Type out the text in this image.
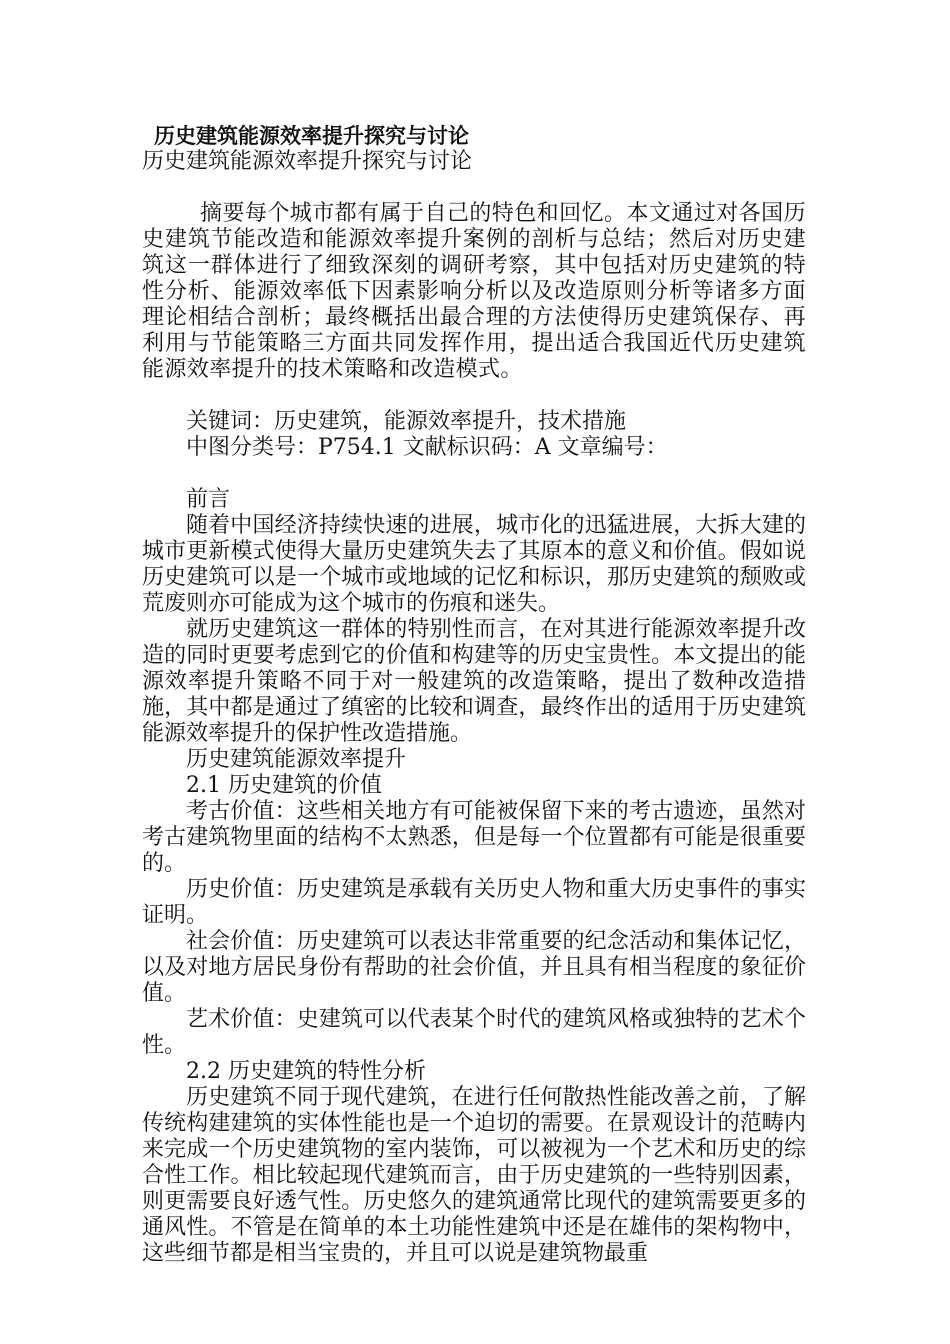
历史建筑能源效率提升探究与讨论

历史建筑能源效率提升探究与讨论

摘要每个城市都有属于自己的特色和回忆。本文通过对各国历史建筑节能改造和能源效率提升案例的剖析与总结；然后对历史建筑这一群体进行了细致深刻的调研考察，其中包括对历史建筑的特性分析、能源效率低下因素影响分析以及改造原则分析等诸多方面理论相结合剖析；最终概括出最合理的方法使得历史建筑保存、再利用与节能策略三方面共同发挥作用，提出适合我国近代历史建筑能源效率提升的技术策略和改造模式。

关键词：历史建筑，能源效率提升，技术措施

中图分类号：P754.1 文献标识码：A 文章编号：

前言

随着中国经济持续快速的进展，城市化的迅猛进展，大拆大建的城市更新模式使得大量历史建筑失去了其原本的意义和价值。假如说历史建筑可以是一个城市或地域的记忆和标识，那历史建筑的颓败或荒废则亦可能成为这个城市的伤痕和迷失。

就历史建筑这一群体的特别性而言，在对其进行能源效率提升改造的同时更要考虑到它的价值和构建等的历史宝贵性。本文提出的能源效率提升策略不同于对一般建筑的改造策略，提出了数种改造措施，其中都是通过了缜密的比较和调查，最终作出的适用于历史建筑能源效率提升的保护性改造措施。

历史建筑能源效率提升

2.1 历史建筑的价值

考古价值：这些相关地方有可能被保留下来的考古遗迹，虽然对考古建筑物里面的结构不太熟悉，但是每一个位置都有可能是很重要的。

历史价值：历史建筑是承载有关历史人物和重大历史事件的事实证明。

社会价值：历史建筑可以表达非常重要的纪念活动和集体记忆，以及对地方居民身份有帮助的社会价值，并且具有相当程度的象征价值。

艺术价值：史建筑可以代表某个时代的建筑风格或独特的艺术个性。

2.2 历史建筑的特性分析

历史建筑不同于现代建筑，在进行任何散热性能改善之前，了解传统构建建筑的实体性能也是一个迫切的需要。在景观设计的范畴内来完成一个历史建筑物的室内装饰，可以被视为一个艺术和历史的综合性工作。相比较起现代建筑而言，由于历史建筑的一些特别因素，则更需要良好透气性。历史悠久的建筑通常比现代的建筑需要更多的通风性。不管是在简单的本土功能性建筑中还是在雄伟的架构物中，这些细节都是相当宝贵的，并且可以说是建筑物最重
